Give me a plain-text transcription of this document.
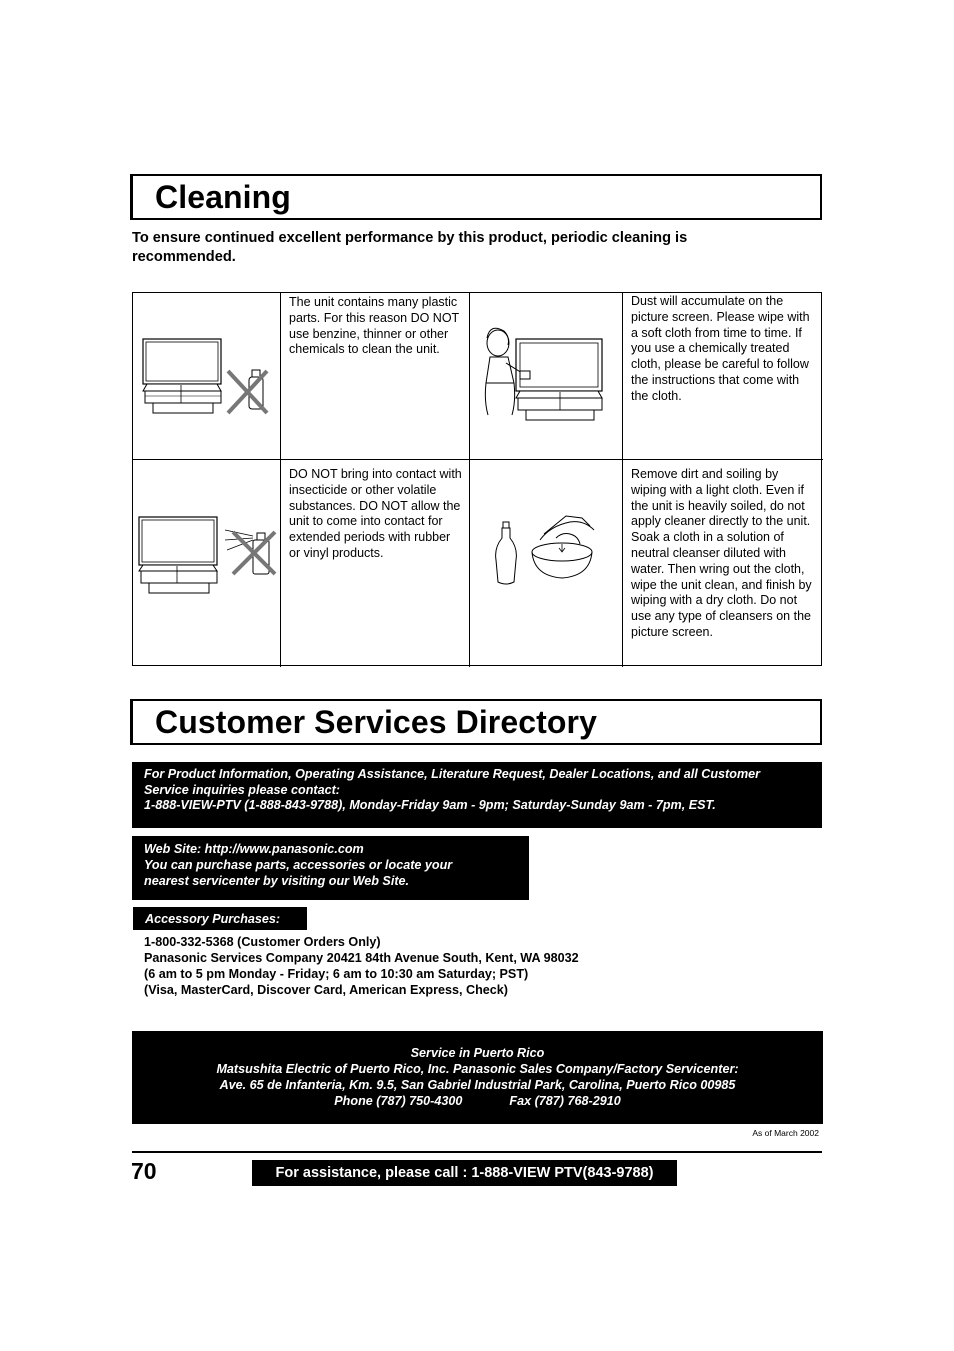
Cleaning

To ensure continued excellent performance by this product, periodic cleaning is recommended.

The unit contains many plastic parts. For this reason DO NOT use benzine, thinner or other chemicals to clean the unit.

Dust will accumulate on the picture screen. Please wipe with a soft cloth from time to time. If you use a chemically treated cloth, please be careful to follow the instructions that come with the cloth.

DO NOT bring into contact with insecticide or other volatile substances. DO NOT allow the unit to come into contact for extended periods with rubber or vinyl products.

Remove dirt and soiling by wiping with a light cloth. Even if the unit is heavily soiled, do not apply cleaner directly to the unit. Soak a cloth in a solution of neutral cleanser diluted with water. Then wring out the cloth, wipe the unit clean, and finish by wiping with a dry cloth. Do not use any type of cleansers on the picture screen.

Customer Services Directory

For Product Information, Operating Assistance, Literature Request, Dealer Locations, and all Customer

Service inquiries please contact:

1-888-VIEW-PTV (1-888-843-9788), Monday-Friday 9am - 9pm; Saturday-Sunday 9am - 7pm, EST.

Web Site: http://www.panasonic.com

You can purchase parts, accessories or locate your

nearest servicenter by visiting our Web Site.

Accessory Purchases:

1-800-332-5368 (Customer Orders Only)

Panasonic Services Company 20421 84th Avenue South, Kent, WA 98032

(6 am to 5 pm Monday - Friday; 6 am to 10:30 am Saturday; PST)

(Visa, MasterCard, Discover Card, American Express, Check)

Service in Puerto Rico

Matsushita Electric of Puerto Rico, Inc. Panasonic Sales Company/Factory Servicenter:

Ave. 65 de Infanteria, Km. 9.5, San Gabriel Industrial Park, Carolina, Puerto Rico 00985

Phone (787) 750-4300	Fax (787) 768-2910

As of March 2002
70	For assistance, please call : 1-888-VIEW PTV(843-9788)
